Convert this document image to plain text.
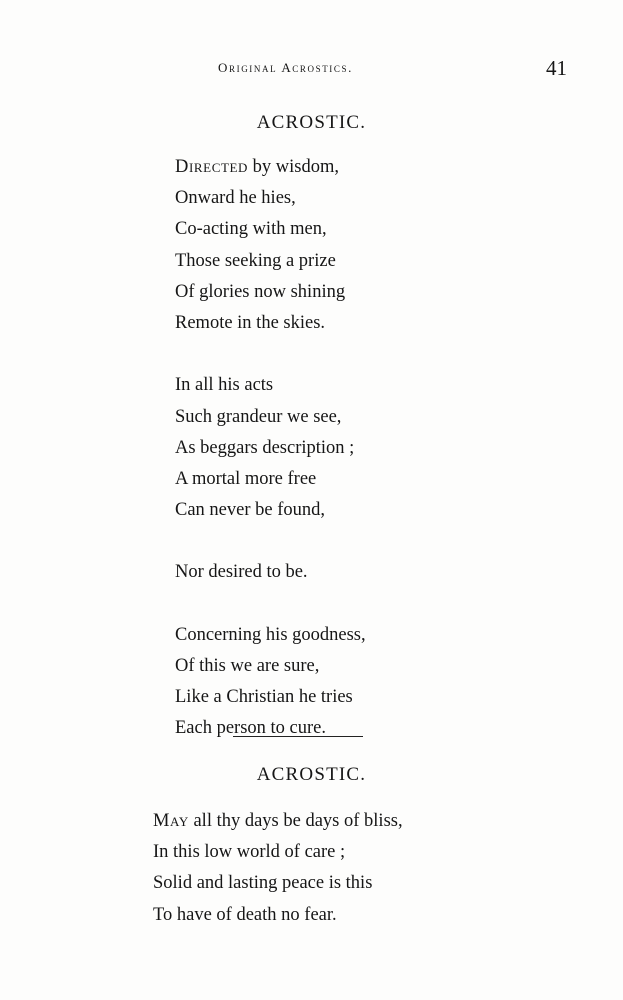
Original Acrostics.	41
ACROSTIC.
Directed by wisdom,
Onward he hies,
Co-acting with men,
Those seeking a prize
Of glories now shining
Remote in the skies.
In all his acts
Such grandeur we see,
As beggars description ;
A mortal more free
Can never be found,
Nor desired to be.
Concerning his goodness,
Of this we are sure,
Like a Christian he tries
Each person to cure.
ACROSTIC.
May all thy days be days of bliss,
In this low world of care ;
Solid and lasting peace is this
To have of death no fear.
